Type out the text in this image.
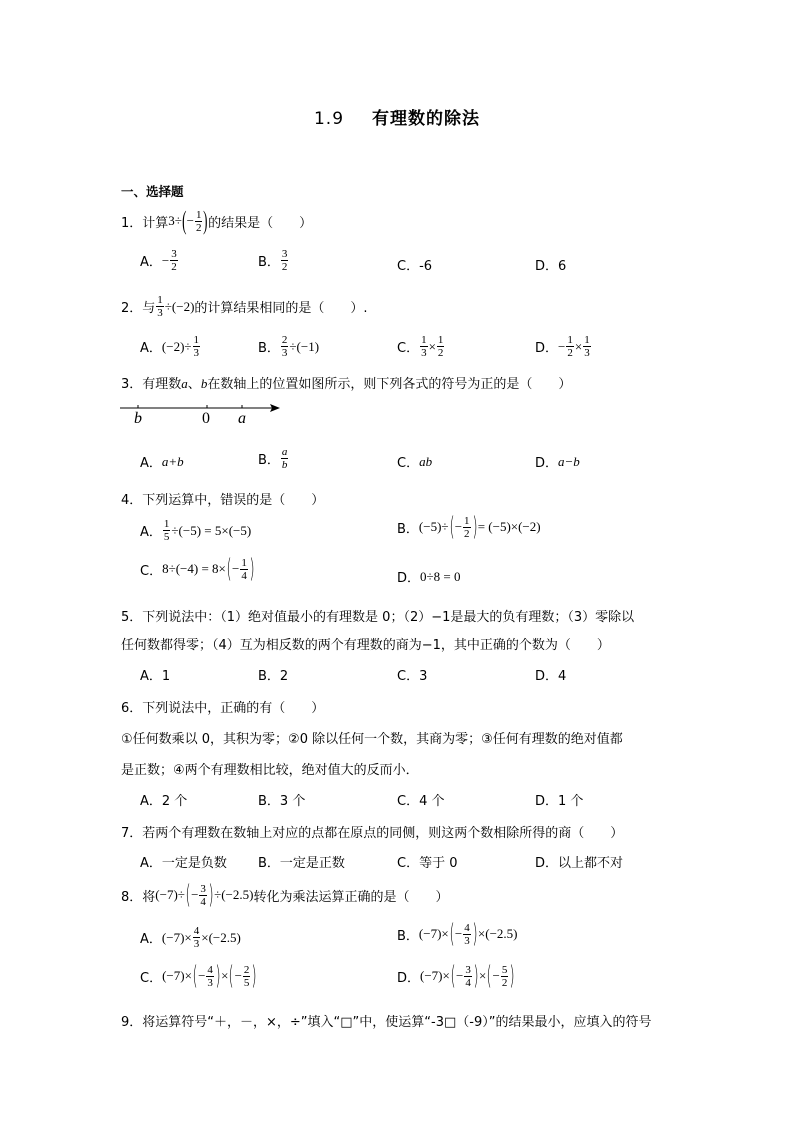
1.9 有理数的除法
一、选择题
1． 计算 3 ÷ ( − $\frac{1}{2}$ ) 的结果是（　　）
A． − $\frac{3}{2}$	B． $\frac{3}{2}$	C．-6	D．6
2． 与 $\frac{1}{3} \div(-2)$ 的计算结果相同的是（　　）.
A． $(-2)\div \frac{1}{3}$	B． $\frac{2}{3} \div(-1)$	C． $\frac{1}{3} \times \frac{1}{2}$	D． − $\frac{1}{2} \times \frac{1}{3}$
3．有理数a、b在数轴上的位置如图所示，则下列各式的符号为正的是（　　）
b	0 a
A． a+b	B． $\frac{a}{b}$	C． ab	D． a−b
4．下列运算中，错误的是（　　）
A． $\frac{1}{5} \div(-5) = 5\times(-5)$	B． (−5)÷ ( − $\frac{1}{2}$ ) = (−5)×(−2)
C． 8÷(−4) = 8× ( − $\frac{1}{4}$ )	D． 0÷8 = 0
5．下列说法中：（1）绝对值最小的有理数是 0；（2）−1是最大的负有理数；（3）零除以
任何数都得零；（4）互为相反数的两个有理数的商为−1，其中正确的个数为（　　）
A．1	B．2	C．3	D．4
6．下列说法中，正确的有（　　）
①任何数乘以 0，其积为零；②0 除以任何一个数，其商为零；③任何有理数的绝对值都
是正数；④两个有理数相比较，绝对值大的反而小．
A．2 个	B．3 个	C．4 个	D．1 个
7．若两个有理数在数轴上对应的点都在原点的同侧，则这两个数相除所得的商（　　）
A．一定是负数 B．一定是正数	C．等于 0	D．以上都不对
8． 将 (−7)÷ ( − $\frac{3}{4}$ ) ÷(−2.5) 转化为乘法运算正确的是（　　）
A． $(-7)\times \frac{4}{3} \times(-2.5)$	B． (−7)× ( − $\frac{4}{3}$ ) ×(−2.5)
C． (−7)× ( − $\frac{4}{3}$ ) × ( − $\frac{2}{5}$ )	D． (−7)× ( − $\frac{3}{4}$ ) × ( − $\frac{5}{2}$ )
9．将运算符号“＋，－，×，÷”填入“□”中，使运算“-3□（-9）”的结果最小，应填入的符号
